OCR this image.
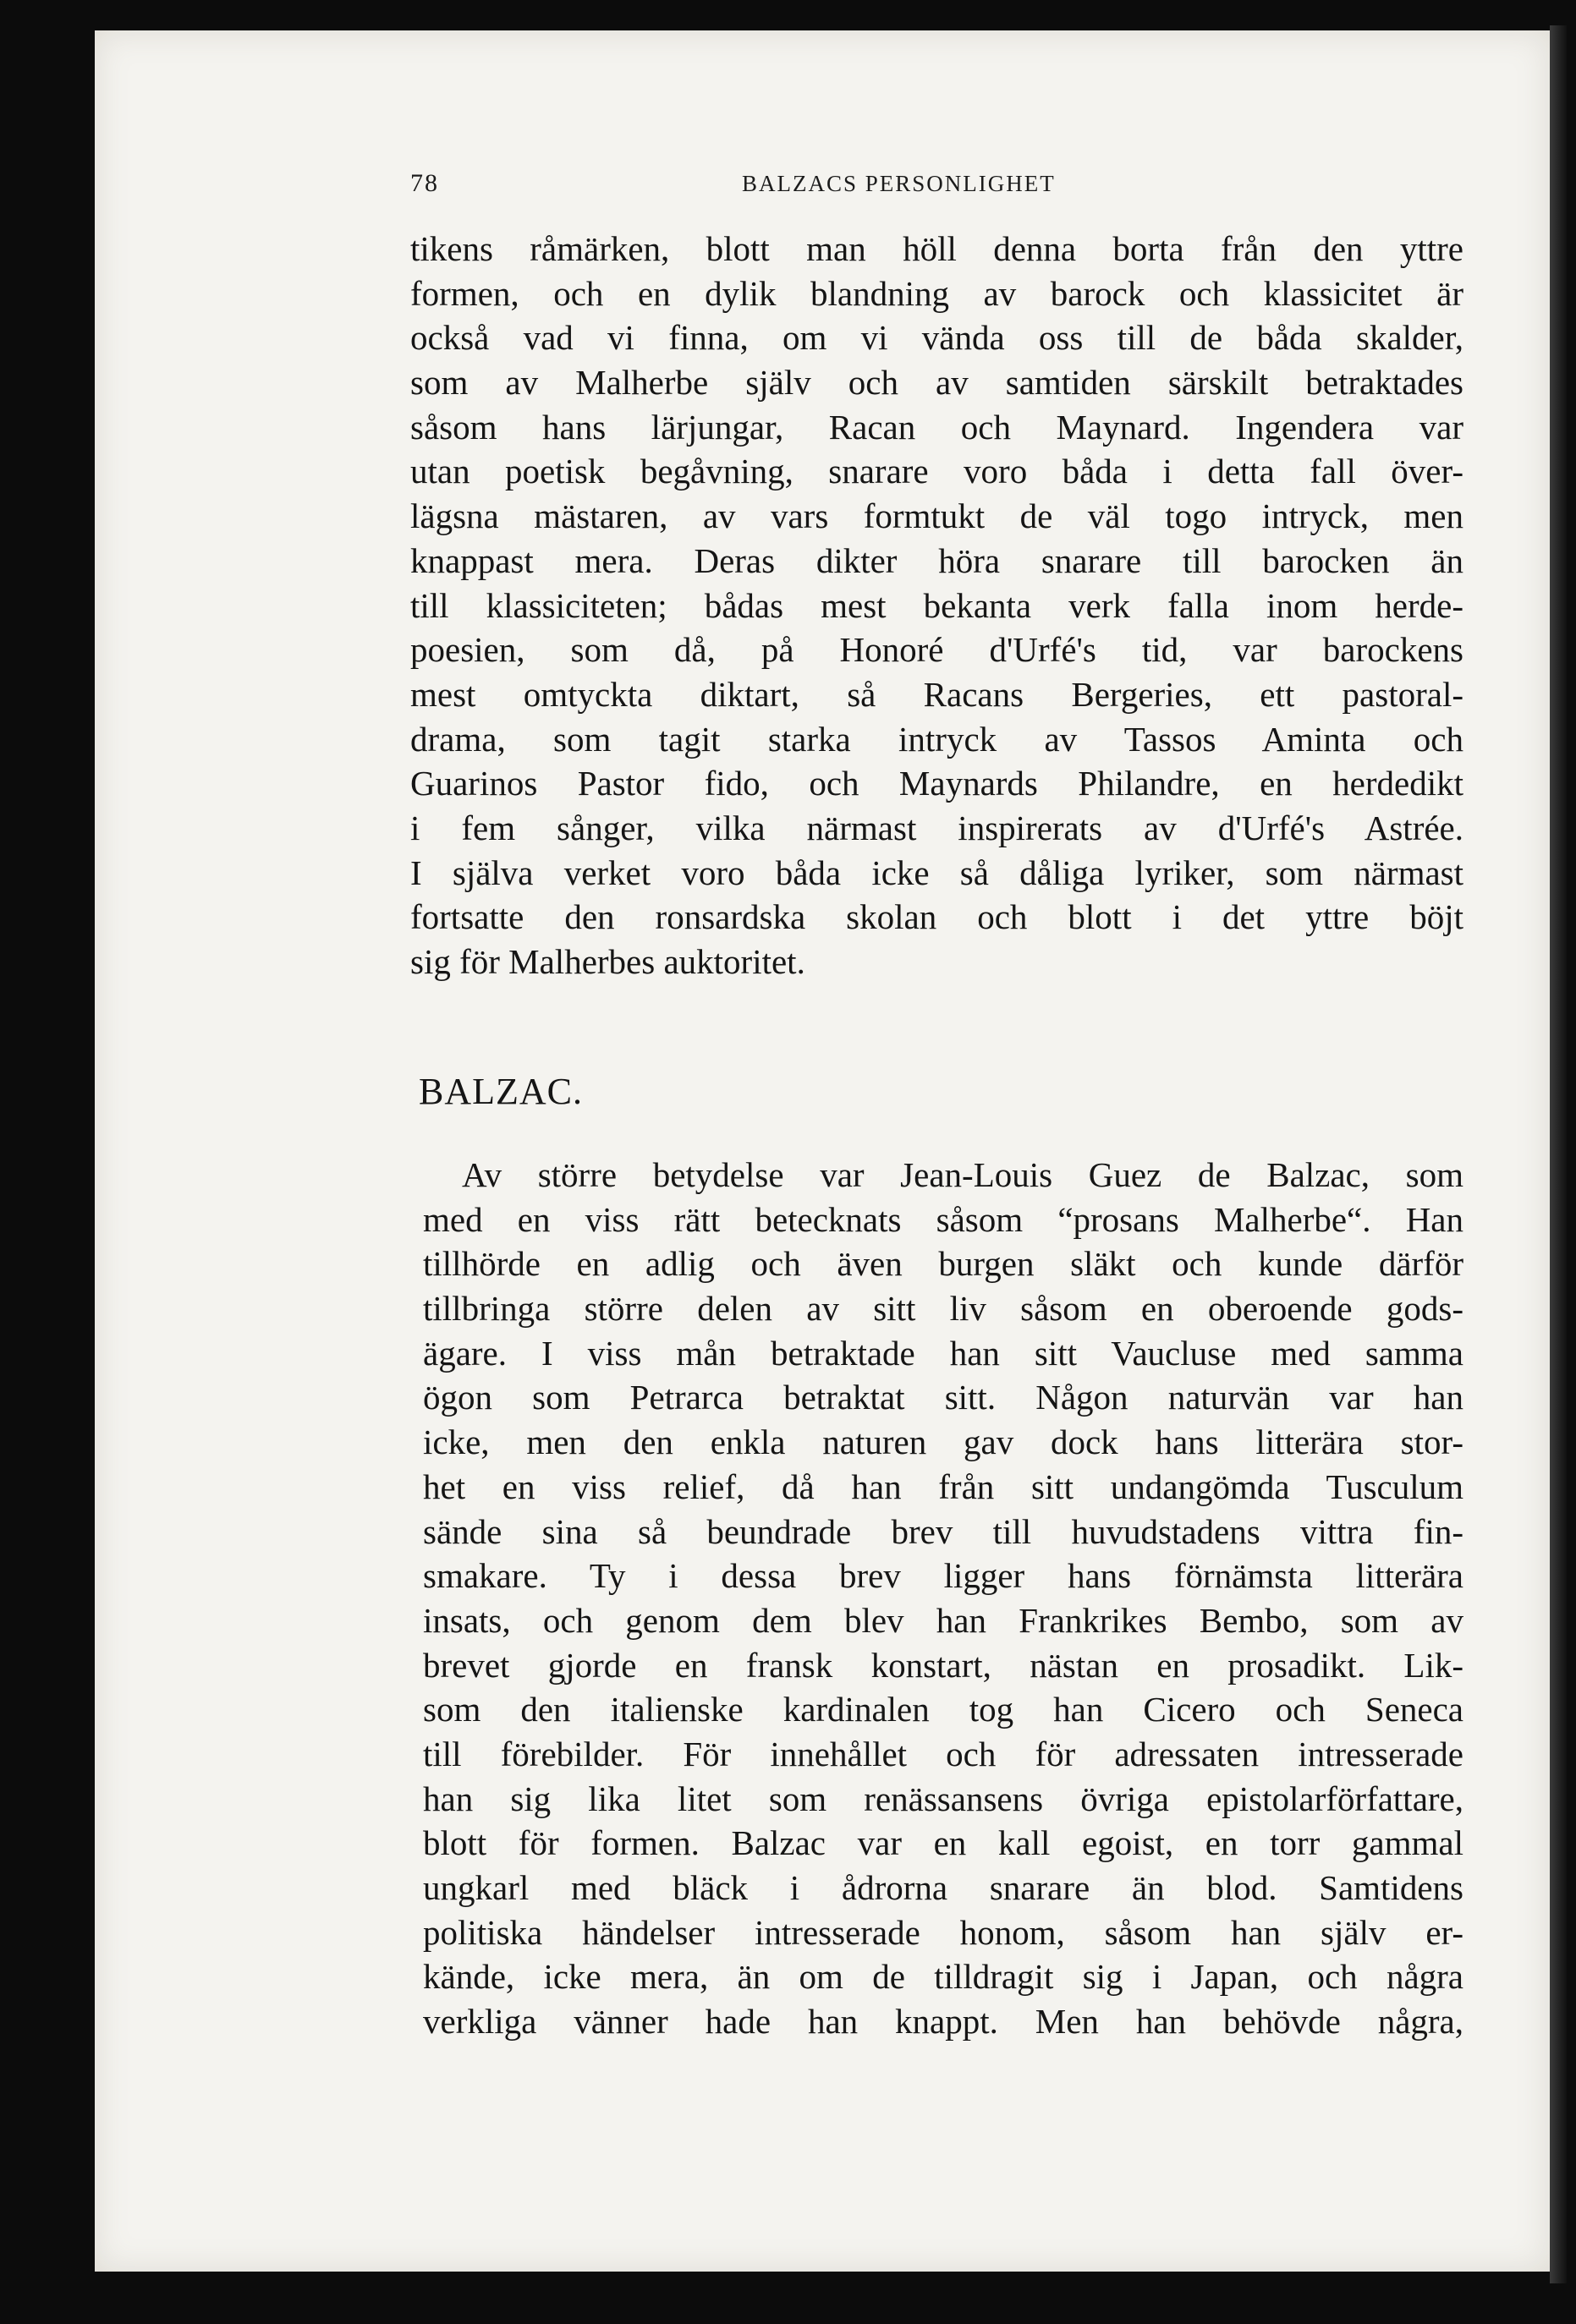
78	BALZACS PERSONLIGHET
tikens råmärken, blott man höll denna borta från den yttre
formen, och en dylik blandning av barock och klassicitet är
också vad vi finna, om vi vända oss till de båda skalder,
som av Malherbe själv och av samtiden särskilt betraktades
såsom hans lärjungar, Racan och Maynard. Ingendera var
utan poetisk begåvning, snarare voro båda i detta fall över-
lägsna mästaren, av vars formtukt de väl togo intryck, men
knappast mera. Deras dikter höra snarare till barocken än
till klassiciteten; bådas mest bekanta verk falla inom herde-
poesien, som då, på Honoré d'Urfé's tid, var barockens
mest omtyckta diktart, så Racans Bergeries, ett pastoral-
drama, som tagit starka intryck av Tassos Aminta och
Guarinos Pastor fido, och Maynards Philandre, en herdedikt
i fem sånger, vilka närmast inspirerats av d'Urfé's Astrée.
I själva verket voro båda icke så dåliga lyriker, som närmast
fortsatte den ronsardska skolan och blott i det yttre böjt
sig för Malherbes auktoritet.
BALZAC.
Av större betydelse var Jean-Louis Guez de Balzac, som
med en viss rätt betecknats såsom “prosans Malherbe“. Han
tillhörde en adlig och även burgen släkt och kunde därför
tillbringa större delen av sitt liv såsom en oberoende gods-
ägare. I viss mån betraktade han sitt Vaucluse med samma
ögon som Petrarca betraktat sitt. Någon naturvän var han
icke, men den enkla naturen gav dock hans litterära stor-
het en viss relief, då han från sitt undangömda Tusculum
sände sina så beundrade brev till huvudstadens vittra fin-
smakare. Ty i dessa brev ligger hans förnämsta litterära
insats, och genom dem blev han Frankrikes Bembo, som av
brevet gjorde en fransk konstart, nästan en prosadikt. Lik-
som den italienske kardinalen tog han Cicero och Seneca
till förebilder. För innehållet och för adressaten intresserade
han sig lika litet som renässansens övriga epistolarförfattare,
blott för formen. Balzac var en kall egoist, en torr gammal
ungkarl med bläck i ådrorna snarare än blod. Samtidens
politiska händelser intresserade honom, såsom han själv er-
kände, icke mera, än om de tilldragit sig i Japan, och några
verkliga vänner hade han knappt. Men han behövde några,
